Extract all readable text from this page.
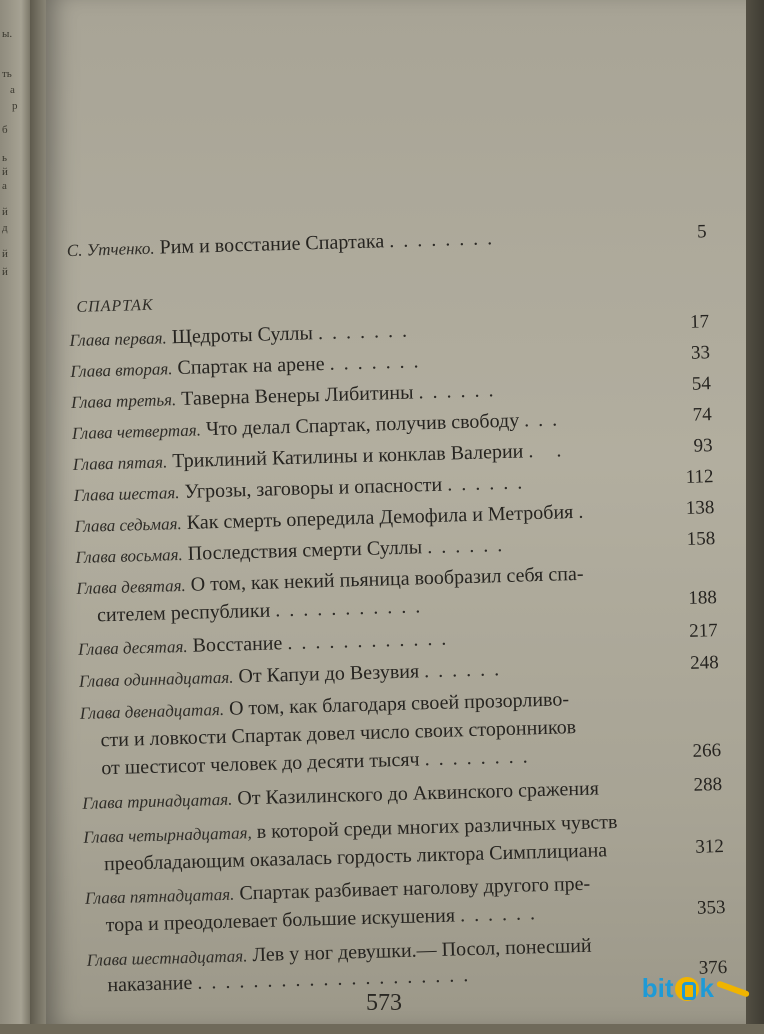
ы.
ть
а
р
б
ь
й
а
й
д
й
й
С. Утченко. Рим и восстание Спартака ........	5
СПАРТАК
Глава первая. Щедроты Суллы .......	17
Глава вторая. Спартак на арене .......	33
Глава третья. Таверна Венеры Либитины ......	54
Глава четвертая. Что делал Спартак, получив свободу ...	74
Глава пятая. Триклиний Катилины и конклав Валерии . .	93
Глава шестая. Угрозы, заговоры и опасности ......	112
Глава седьмая. Как смерть опередила Демофила и Метробия .	138
Глава восьмая. Последствия смерти Суллы ......	158
Глава девятая. О том, как некий пьяница вообразил себя спа-
сителем республики ...........	188
Глава десятая. Восстание ............	217
Глава одиннадцатая. От Капуи до Везувия ......	248
Глава двенадцатая. О том, как благодаря своей прозорливо-
сти и ловкости Спартак довел число своих сторонников
от шестисот человек до десяти тысяч ........	266
Глава тринадцатая. От Казилинского до Аквинского сражения	288
Глава четырнадцатая, в которой среди многих различных чувств
преобладающим оказалась гордость ликтора Симплициана	312
Глава пятнадцатая. Спартак разбивает наголову другого пре-
тора и преодолевает большие искушения ......	353
Глава шестнадцатая. Лев у ног девушки.— Посол, понесший
наказание ....................	376
573	bit k
